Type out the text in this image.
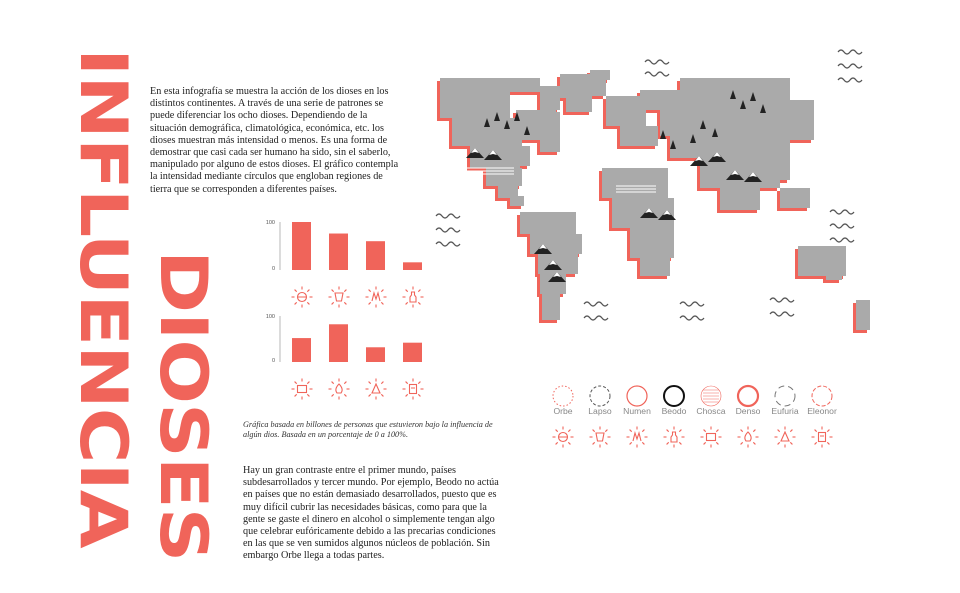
INFLUENCIA DIOSES

En esta infografía se muestra la acción de los dioses en los distintos continentes. A través de una serie de patrones se puede diferenciar los ocho dioses. Dependiendo de la situación demográfica, climatológica, económica, etc. los dioses muestran más intensidad o menos. Es una forma de demostrar que casi cada ser humano ha sido, sin el saberlo, manipulado por alguno de estos dioses. El gráfico contempla la intensidad mediante círculos que engloban regiones de tierra que se corresponden a diferentes países.

Gráfica basada en billones de personas que estuvieron bajo la influencia de algún dios. Basada en un porcentaje de 0 a 100%.

Hay un gran contraste entre el primer mundo, países subdesarrollados y tercer mundo. Por ejemplo, Beodo no actúa en países que no están demasiado desarrollados, puesto que es muy difícil cubrir las necesidades básicas, como para que la gente se gaste el dinero en alcohol o simplemente tengan algo que celebrar eufóricamente debido a las precarias condiciones en las que se ven sumidos algunos núcleos de población. Sin embargo Orbe llega a todas partes.

100
0
100
0
Orbe Lapso Numen Beodo Chosca Denso Eufuria Eleonor
